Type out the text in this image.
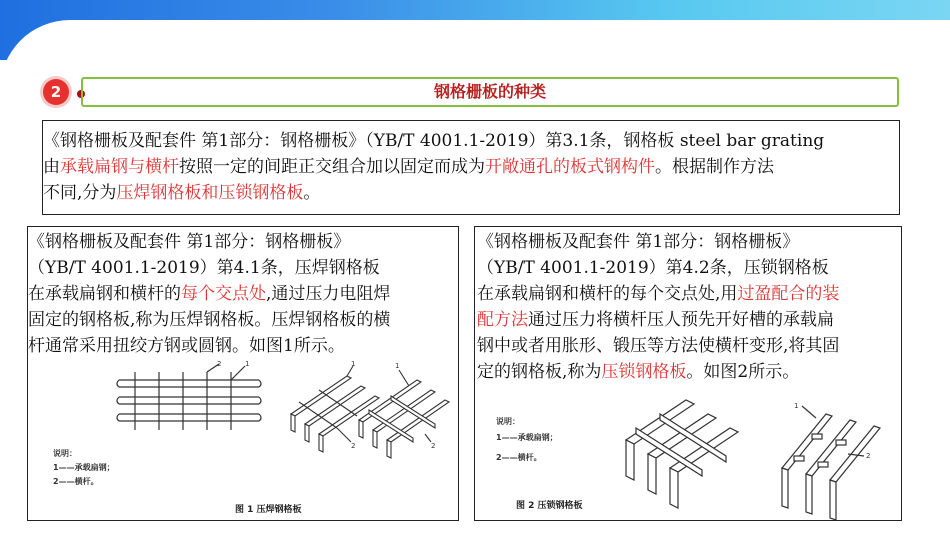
2	钢格栅板的种类

《钢格栅板及配套件 第1部分：钢格栅板》（YB/T 4001.1-2019）第3.1条，钢格板 steel bar grating

由承载扁钢与横杆按照一定的间距正交组合加以固定而成为开敞通孔的板式钢构件。根据制作方法

不同,分为压焊钢格板和压锁钢格板。

《钢格栅板及配套件 第1部分：钢格栅板》

（YB/T 4001.1-2019）第4.1条，压焊钢格板

在承载扁钢和横杆的每个交点处,通过压力电阻焊

固定的钢格板,称为压焊钢格板。压焊钢格板的横

杆通常采用扭绞方钢或圆钢。如图1所示。

2	1	1
2
1
2
说明：
1——承载扁钢；
2——横杆。
图 1 压焊钢格板

《钢格栅板及配套件 第1部分：钢格栅板》

（YB/T 4001.1-2019）第4.2条，压锁钢格板

在承载扁钢和横杆的每个交点处,用过盈配合的装

配方法通过压力将横杆压人预先开好槽的承载扁

钢中或者用胀形、锻压等方法使横杆变形,将其固

定的钢格板,称为压锁钢格板。如图2所示。

1
2
说明：
1——承载扁钢；
2——横杆。
图 2 压锁钢格板
